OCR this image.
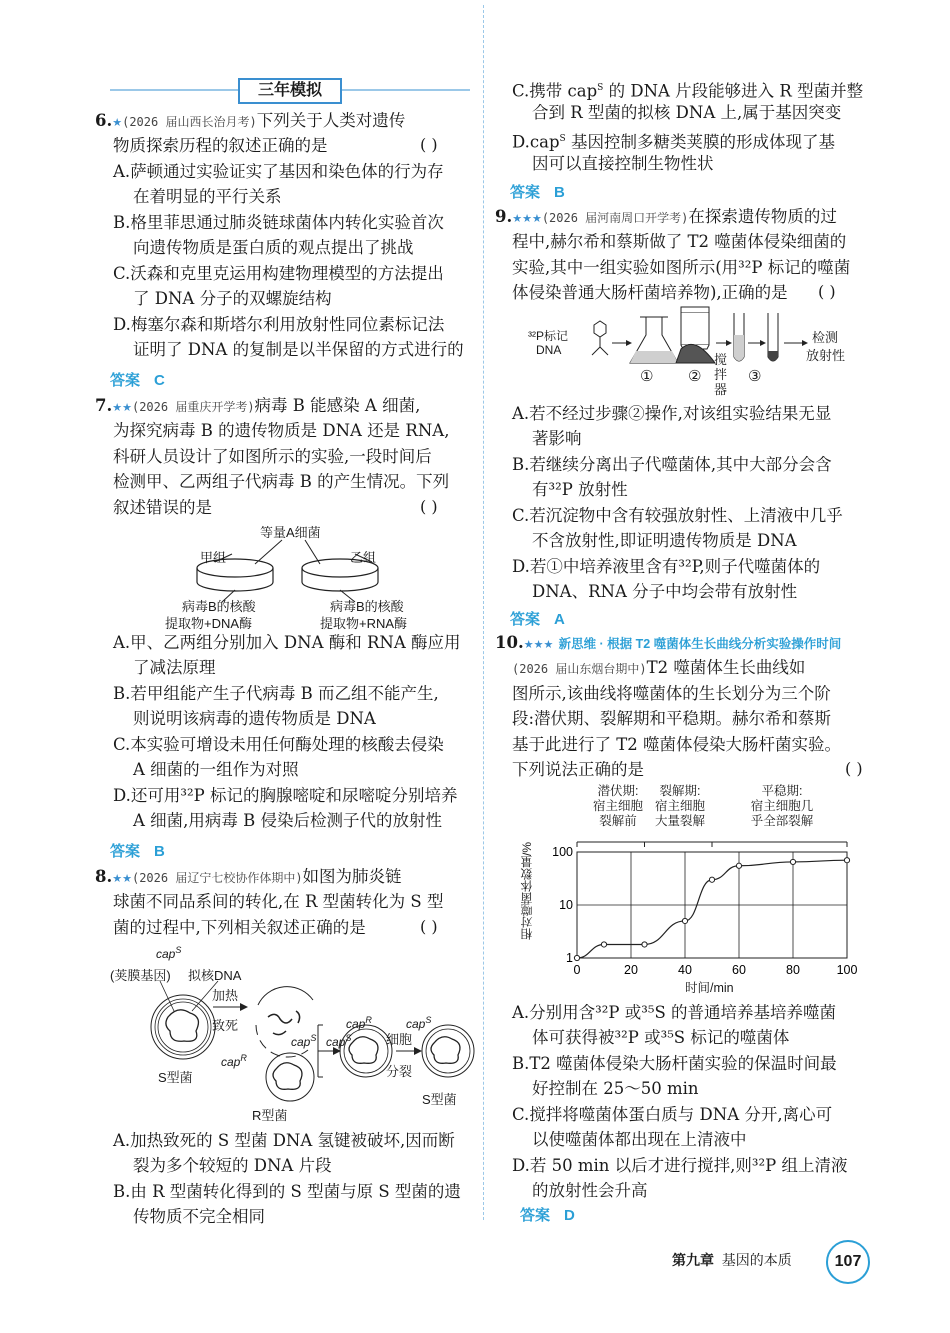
三年模拟
6.★(2026 届山西长治月考)下列关于人类对遗传
物质探索历程的叙述正确的是	( )
A.萨顿通过实验证实了基因和染色体的行为存
在着明显的平行关系
B.格里菲思通过肺炎链球菌体内转化实验首次
向遗传物质是蛋白质的观点提出了挑战
C.沃森和克里克运用构建物理模型的方法提出
了 DNA 分子的双螺旋结构
D.梅塞尔森和斯塔尔利用放射性同位素标记法
证明了 DNA 的复制是以半保留的方式进行的
答案 C
7.★★(2026 届重庆开学考)病毒 B 能感染 A 细菌,
为探究病毒 B 的遗传物质是 DNA 还是 RNA,
科研人员设计了如图所示的实验,一段时间后
检测甲、乙两组子代病毒 B 的产生情况。下列
叙述错误的是	( )
等量A细菌
甲组	乙组
病毒B的核酸
提取物+DNA酶
病毒B的核酸
提取物+RNA酶
A.甲、乙两组分别加入 DNA 酶和 RNA 酶应用
了减法原理
B.若甲组能产生子代病毒 B 而乙组不能产生,
则说明该病毒的遗传物质是 DNA
C.本实验可增设未用任何酶处理的核酸去侵染
A 细菌的一组作为对照
D.还可用³²P 标记的胸腺嘧啶和尿嘧啶分别培养
A 细菌,用病毒 B 侵染后检测子代的放射性
答案 B
8.★★(2026 届辽宁七校协作体期中)如图为肺炎链
球菌不同品系间的转化,在 R 型菌转化为 S 型
菌的过程中,下列相关叙述正确的是	( )
cap$^S$
(荚膜基因) 拟核DNA
加热
致死
S型菌
R型菌
cap$^R$
cap$^S$ cap$^S$
cap$^R$	cap$^S$
细胞
分裂
S型菌
A.加热致死的 S 型菌 DNA 氢键被破坏,因而断
裂为多个较短的 DNA 片段
B.由 R 型菌转化得到的 S 型菌与原 S 型菌的遗
传物质不完全相同
C.携带 cap$^S$ 的 DNA 片段能够进入 R 型菌并整
合到 R 型菌的拟核 DNA 上,属于基因突变
D.cap$^S$ 基因控制多糖类荚膜的形成体现了基
因可以直接控制生物性状
答案 B
9.★★★(2026 届河南周口开学考)在探索遗传物质的过
程中,赫尔希和蔡斯做了 T2 噬菌体侵染细菌的
实验,其中一组实验如图所示(用³²P 标记的噬菌
体侵染普通大肠杆菌培养物),正确的是 ( )
³²P标记
DNA
① ②
搅
拌
器
③
检测
放射性
A.若不经过步骤②操作,对该组实验结果无显
著影响
B.若继续分离出子代噬菌体,其中大部分会含
有³²P 放射性
C.若沉淀物中含有较强放射性、上清液中几乎
不含放射性,即证明遗传物质是 DNA
D.若①中培养液里含有³²P,则子代噬菌体的
DNA、RNA 分子中均会带有放射性
答案 A
10.★★★ 新思维 · 根据 T2 噬菌体生长曲线分析实验操作时间
(2026 届山东烟台期中)T2 噬菌体生长曲线如
图所示,该曲线将噬菌体的生长划分为三个阶
段:潜伏期、裂解期和平稳期。赫尔希和蔡斯
基于此进行了 T2 噬菌体侵染大肠杆菌实验。
下列说法正确的是	( )
潜伏期:
宿主细胞
裂解前
裂解期:
宿主细胞
大量裂解
平稳期:
宿主细胞几
乎全部裂解
0	20	40	60	80	100
1
10
100
相对噬菌体数量/%
时间/min
A.分别用含³²P 或³⁵S 的普通培养基培养噬菌
体可获得被³²P 或³⁵S 标记的噬菌体
B.T2 噬菌体侵染大肠杆菌实验的保温时间最
好控制在 25～50 min
C.搅拌将噬菌体蛋白质与 DNA 分开,离心可
以使噬菌体都出现在上清液中
D.若 50 min 以后才进行搅拌,则³²P 组上清液
的放射性会升高
答案 D
第九章 基因的本质	107
